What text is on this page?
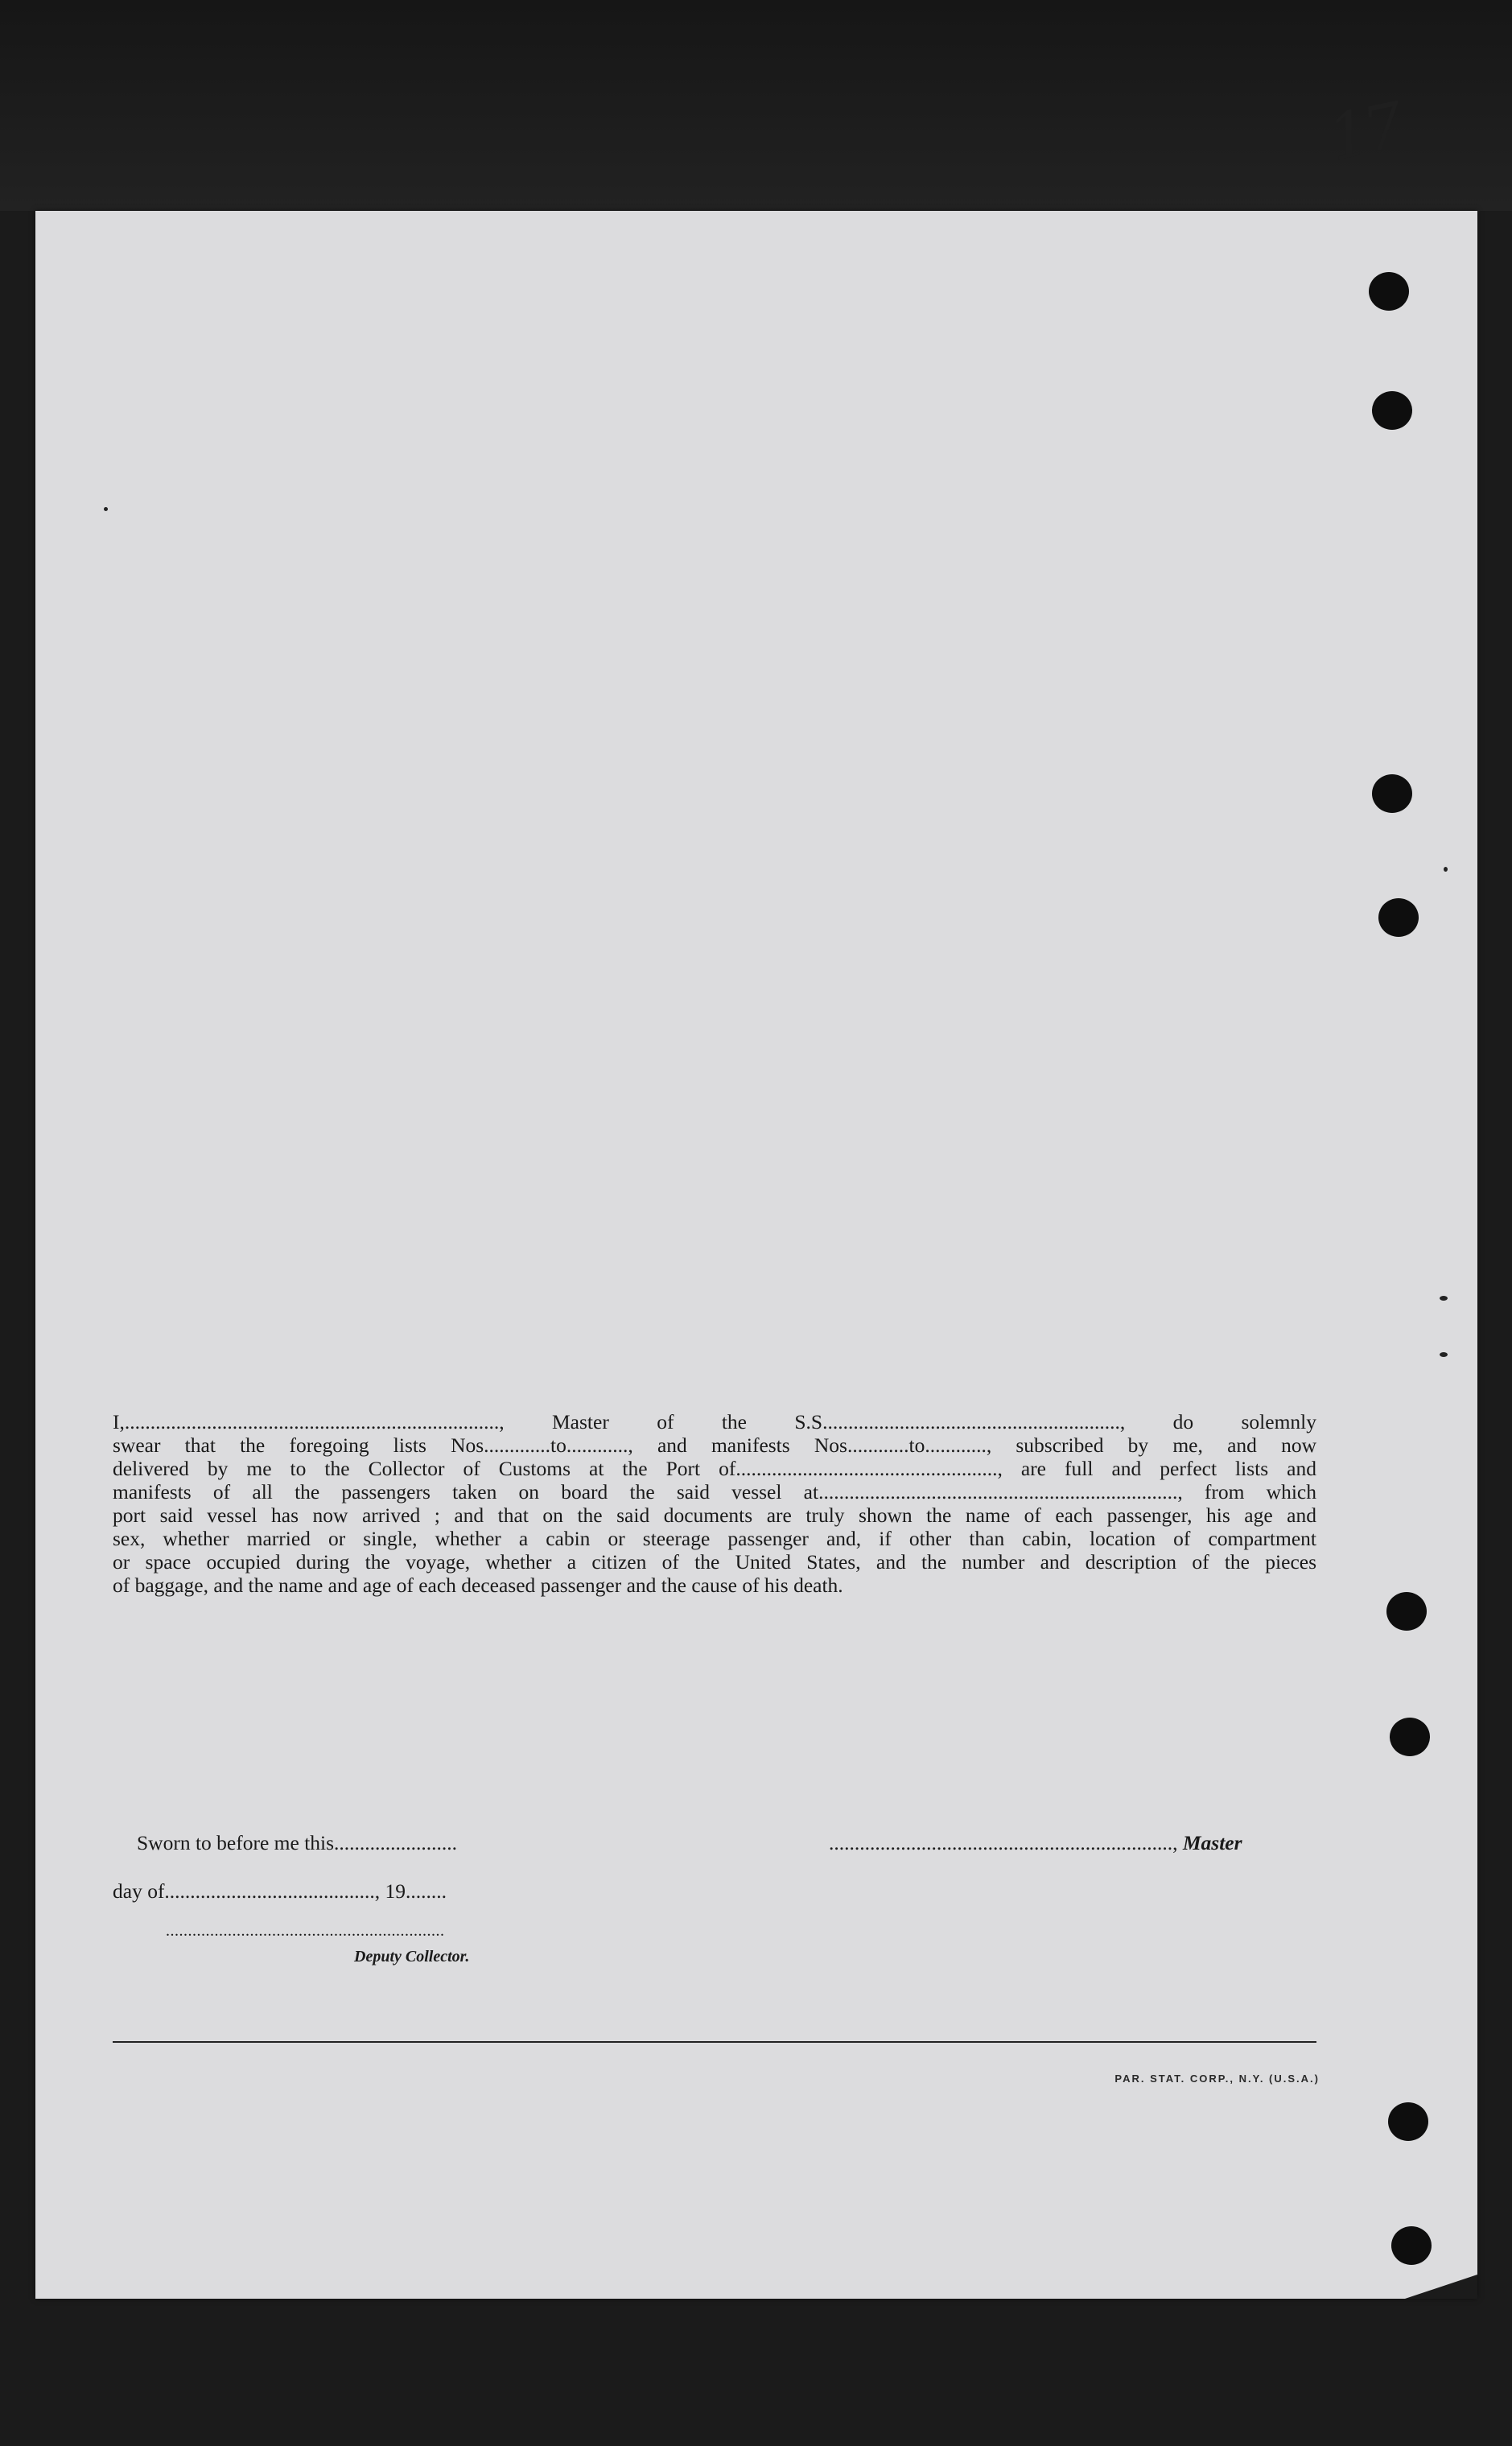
17
I,........................................................................., Master of the S.S.........................................................., do solemnly
swear that the foregoing lists Nos.............to............, and manifests Nos............to............, subscribed by me, and now
delivered by me to the Collector of Customs at the Port of..................................................., are full and perfect lists and
manifests of all the passengers taken on board the said vessel at......................................................................, from which
port said vessel has now arrived ; and that on the said documents are truly shown the name of each passenger, his age and
sex, whether married or single, whether a cabin or steerage passenger and, if other than cabin, location of compartment
or space occupied during the voyage, whether a citizen of the United States, and the number and description of the pieces
of baggage, and the name and age of each deceased passenger and the cause of his death.
Sworn to before me this........................	..................................................................., Master
day of........................................., 19........
...............................................................
Deputy Collector.
PAR. STAT. CORP., N.Y. (U.S.A.)
